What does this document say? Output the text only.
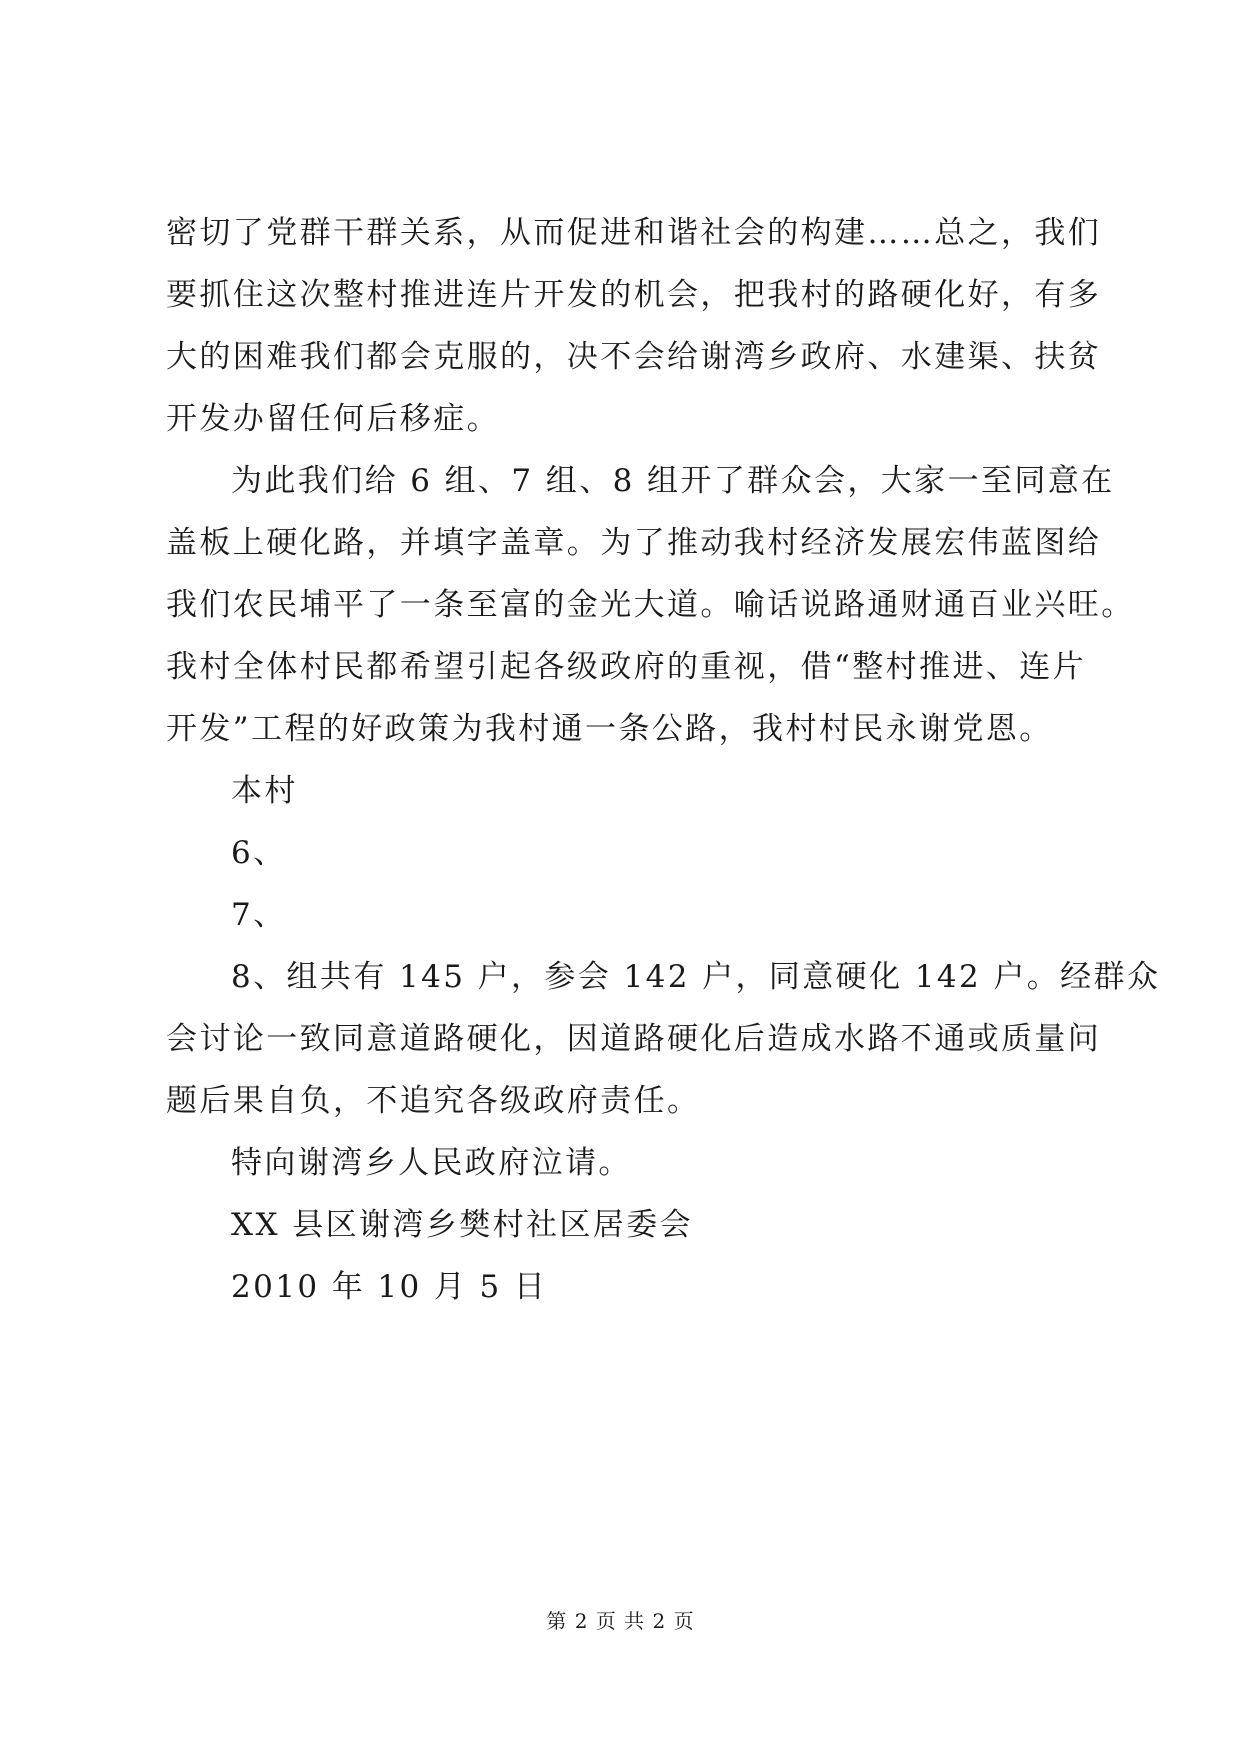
密切了党群干群关系，从而促进和谐社会的构建……总之，我们
要抓住这次整村推进连片开发的机会，把我村的路硬化好，有多
大的困难我们都会克服的，决不会给谢湾乡政府、水建渠、扶贫
开发办留任何后移症。
为此我们给 6 组、7 组、8 组开了群众会，大家一至同意在
盖板上硬化路，并填字盖章。为了推动我村经济发展宏伟蓝图给
我们农民埔平了一条至富的金光大道。喻话说路通财通百业兴旺。
我村全体村民都希望引起各级政府的重视，借“整村推进、连片
开发”工程的好政策为我村通一条公路，我村村民永谢党恩。
本村
6、
7、
8、组共有 145 户，参会 142 户，同意硬化 142 户。经群众
会讨论一致同意道路硬化，因道路硬化后造成水路不通或质量问
题后果自负，不追究各级政府责任。
特向谢湾乡人民政府泣请。
XX 县区谢湾乡樊村社区居委会
2010 年 10 月 5 日
第 2 页 共 2 页
